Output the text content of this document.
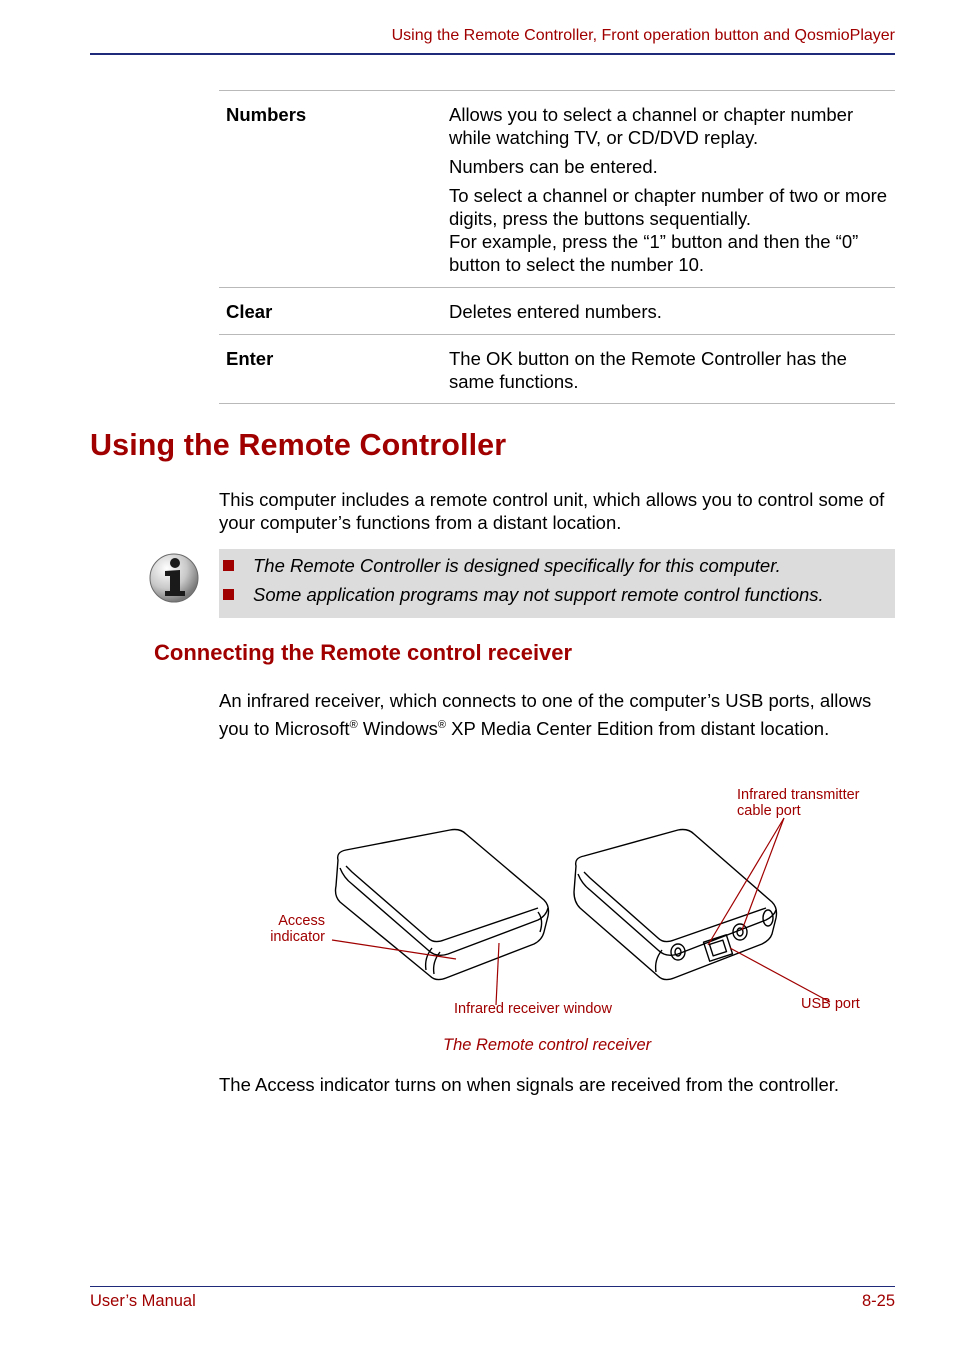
Using the Remote Controller, Front operation button and QosmioPlayer
Numbers	Allows you to select a channel or chapter number while watching TV, or CD/DVD replay.

Numbers can be entered.

To select a channel or chapter number of two or more digits, press the buttons sequentially.

For example, press the “1” button and then the “0” button to select the number 10.

Clear	Deletes entered numbers.

Enter	The OK button on the Remote Controller has the same functions.

Using the Remote Controller
This computer includes a remote control unit, which allows you to control some of your computer’s functions from a distant location.
The Remote Controller is designed specifically for this computer.
Some application programs may not support remote control functions.
Connecting the Remote control receiver
An infrared receiver, which connects to one of the computer’s USB ports, allows you to Microsoft® Windows® XP Media Center Edition from distant location.
Access
indicator
Infrared receiver window
Infrared transmitter
cable port
USB port
The Remote control receiver
The Access indicator turns on when signals are received from the controller.
User’s Manual	8-25
